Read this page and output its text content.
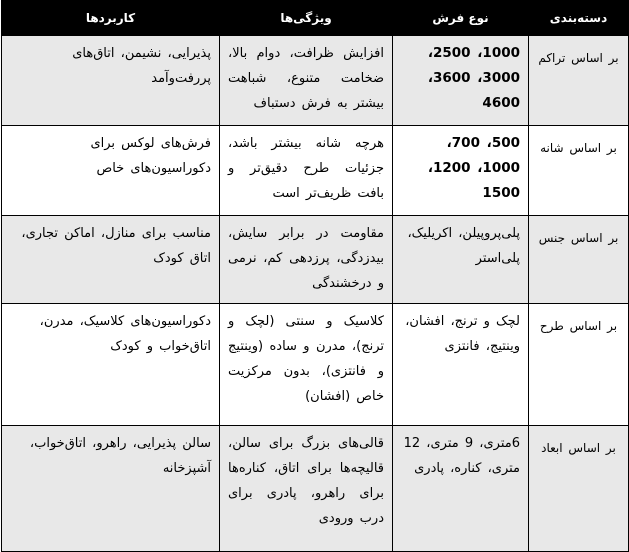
دسته‌بندی	نوع فرش	ویژگی‌ها	کاربردها
بر اساس تراکم	1000، 2500، 3000، 3600، 4600	افزایش ظرافت، دوام بالا، ضخامت متنوع، شباهت بیشتر به فرش دستباف	پذیرایی، نشیمن، اتاق‌های پررفت‌وآمد
بر اساس شانه	500، 700، 1000، 1200، 1500	هرچه شانه بیشتر باشد، جزئیات طرح دقیق‌تر و بافت ظریف‌تر است	فرش‌های لوکس برای دکوراسیون‌های خاص
بر اساس جنس	پلی‌پروپیلن، اکریلیک، پلی‌استر	مقاومت در برابر سایش، بیدزدگی، پرزدهی کم، نرمی و درخشندگی	مناسب برای منازل، اماکن تجاری، اتاق کودک
بر اساس طرح	لچک و ترنج، افشان، وینتیج، فانتزی	کلاسیک و سنتی (لچک و ترنج)، مدرن و ساده (وینتیج و فانتزی)، بدون مرکزیت خاص (افشان)	دکوراسیون‌های کلاسیک، مدرن، اتاق‌خواب و کودک
بر اساس ابعاد	6متری، 9 متری، 12 متری، کناره، پادری	قالی‌های بزرگ برای سالن، قالیچه‌ها برای اتاق، کناره‌ها برای راهرو، پادری برای درب ورودی	سالن پذیرایی، راهرو، اتاق‌خواب، آشپزخانه
